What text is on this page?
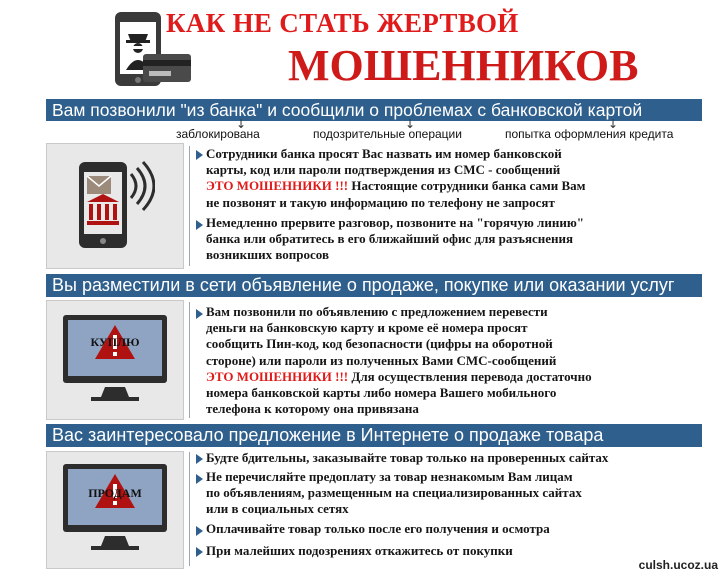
КАК НЕ СТАТЬ ЖЕРТВОЙ
МОШЕННИКОВ
Вам позвонили "из банка" и сообщили о проблемах с банковской картой
↓	↓	↓
заблокирована	подозрительные операции	попытка оформления кредита
Сотрудники банка просят Вас назвать им номер банковской
карты, код или пароли подтверждения из СМС - сообщений
ЭТО МОШЕННИКИ !!! Настоящие сотрудники банка сами Вам
не позвонят и такую информацию по телефону не запросят
Немедленно прервите разговор, позвоните на "горячую линию"
банка или обратитесь в его ближайший офис для разъяснения
возникших вопросов
Вы разместили в сети объявление о продаже, покупке или оказании услуг
КУПЛЮ
Вам позвонили по объявлению с предложением перевести
деньги на банковскую карту и кроме её номера просят
сообщить Пин-код, код безопасности (цифры на оборотной
стороне) или пароли из полученных Вами СМС-сообщений
ЭТО МОШЕННИКИ !!! Для осуществления перевода достаточно
номера банковской карты либо номера Вашего мобильного
телефона к которому она привязана
Вас заинтересовало предложение в Интернете о продаже товара
ПРОДАМ
Будте бдительны, заказывайте товар только на проверенных сайтах
Не перечисляйте предоплату за товар незнакомым Вам лицам
по объявлениям, размещенным на специализированных сайтах
или в социальных сетях
Оплачивайте товар только после его получения и осмотра
При малейших подозрениях откажитесь от покупки
culsh.ucoz.ua
